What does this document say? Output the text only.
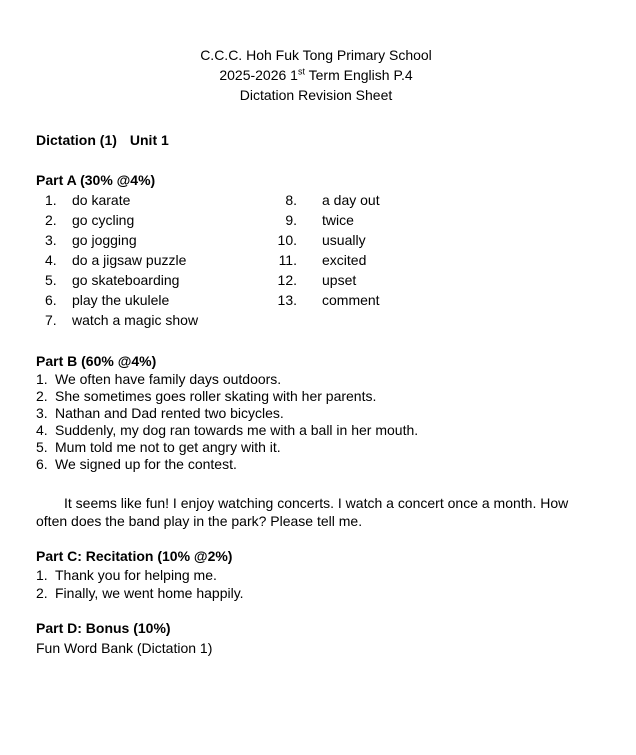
C.C.C. Hoh Fuk Tong Primary School
2025-2026 1st Term English P.4
Dictation Revision Sheet
Dictation (1) Unit 1
Part A (30% @4%)
1.	do karate	8.	a day out
2.	go cycling	9.	twice
3.	go jogging	10.	usually
4.	do a jigsaw puzzle	11.	excited
5.	go skateboarding	12.	upset
6.	play the ukulele	13.	comment
7.	watch a magic show
Part B (60% @4%)
1. We often have family days outdoors.
2. She sometimes goes roller skating with her parents.
3. Nathan and Dad rented two bicycles.
4. Suddenly, my dog ran towards me with a ball in her mouth.
5. Mum told me not to get angry with it.
6. We signed up for the contest.
It seems like fun! I enjoy watching concerts. I watch a concert once a month. How often does the band play in the park? Please tell me.
Part C: Recitation (10% @2%)
1. Thank you for helping me.
2. Finally, we went home happily.
Part D: Bonus (10%)
Fun Word Bank (Dictation 1)
